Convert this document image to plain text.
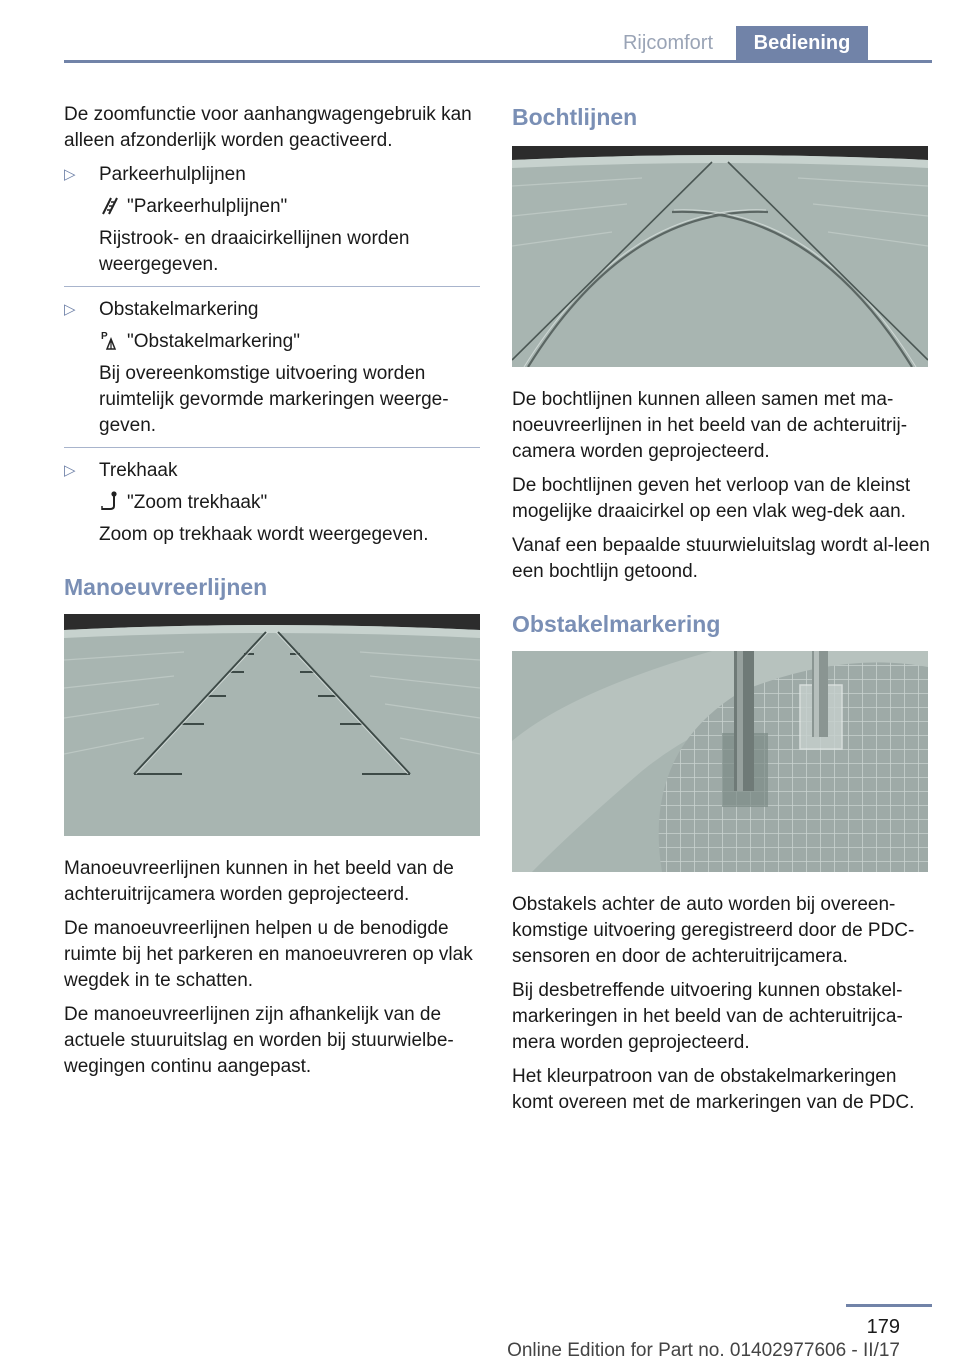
Rijcomfort	Bediening

De zoomfunctie voor aanhangwagengebruik kan alleen afzonderlijk worden geactiveerd.

▷ Parkeerhulplijnen
"Parkeerhulplijnen"
Rijstrook- en draaicirkellijnen worden weergegeven.
▷ Obstakelmarkering
P "Obstakelmarkering"
Bij overeenkomstige uitvoering worden ruimtelijk gevormde markeringen weerge-geven.
▷ Trekhaak
"Zoom trekhaak"
Zoom op trekhaak wordt weergegeven.
Manoeuvreerlijnen

Manoeuvreerlijnen kunnen in het beeld van de achteruitrijcamera worden geprojecteerd.

De manoeuvreerlijnen helpen u de benodigde ruimte bij het parkeren en manoeuvreren op vlak wegdek in te schatten.

De manoeuvreerlijnen zijn afhankelijk van de actuele stuuruitslag en worden bij stuurwielbe-wegingen continu aangepast.

Bochtlijnen

De bochtlijnen kunnen alleen samen met ma-noeuvreerlijnen in het beeld van de achteruitrij-camera worden geprojecteerd.

De bochtlijnen geven het verloop van de kleinst mogelijke draaicirkel op een vlak weg-dek aan.

Vanaf een bepaalde stuurwieluitslag wordt al-leen een bochtlijn getoond.

Obstakelmarkering

Obstakels achter de auto worden bij overeen-komstige uitvoering geregistreerd door de PDC-sensoren en door de achteruitrijcamera.

Bij desbetreffende uitvoering kunnen obstakel-markeringen in het beeld van de achteruitrijca-mera worden geprojecteerd.

Het kleurpatroon van de obstakelmarkeringen komt overeen met de markeringen van de PDC.

179
Online Edition for Part no. 01402977606 - II/17
